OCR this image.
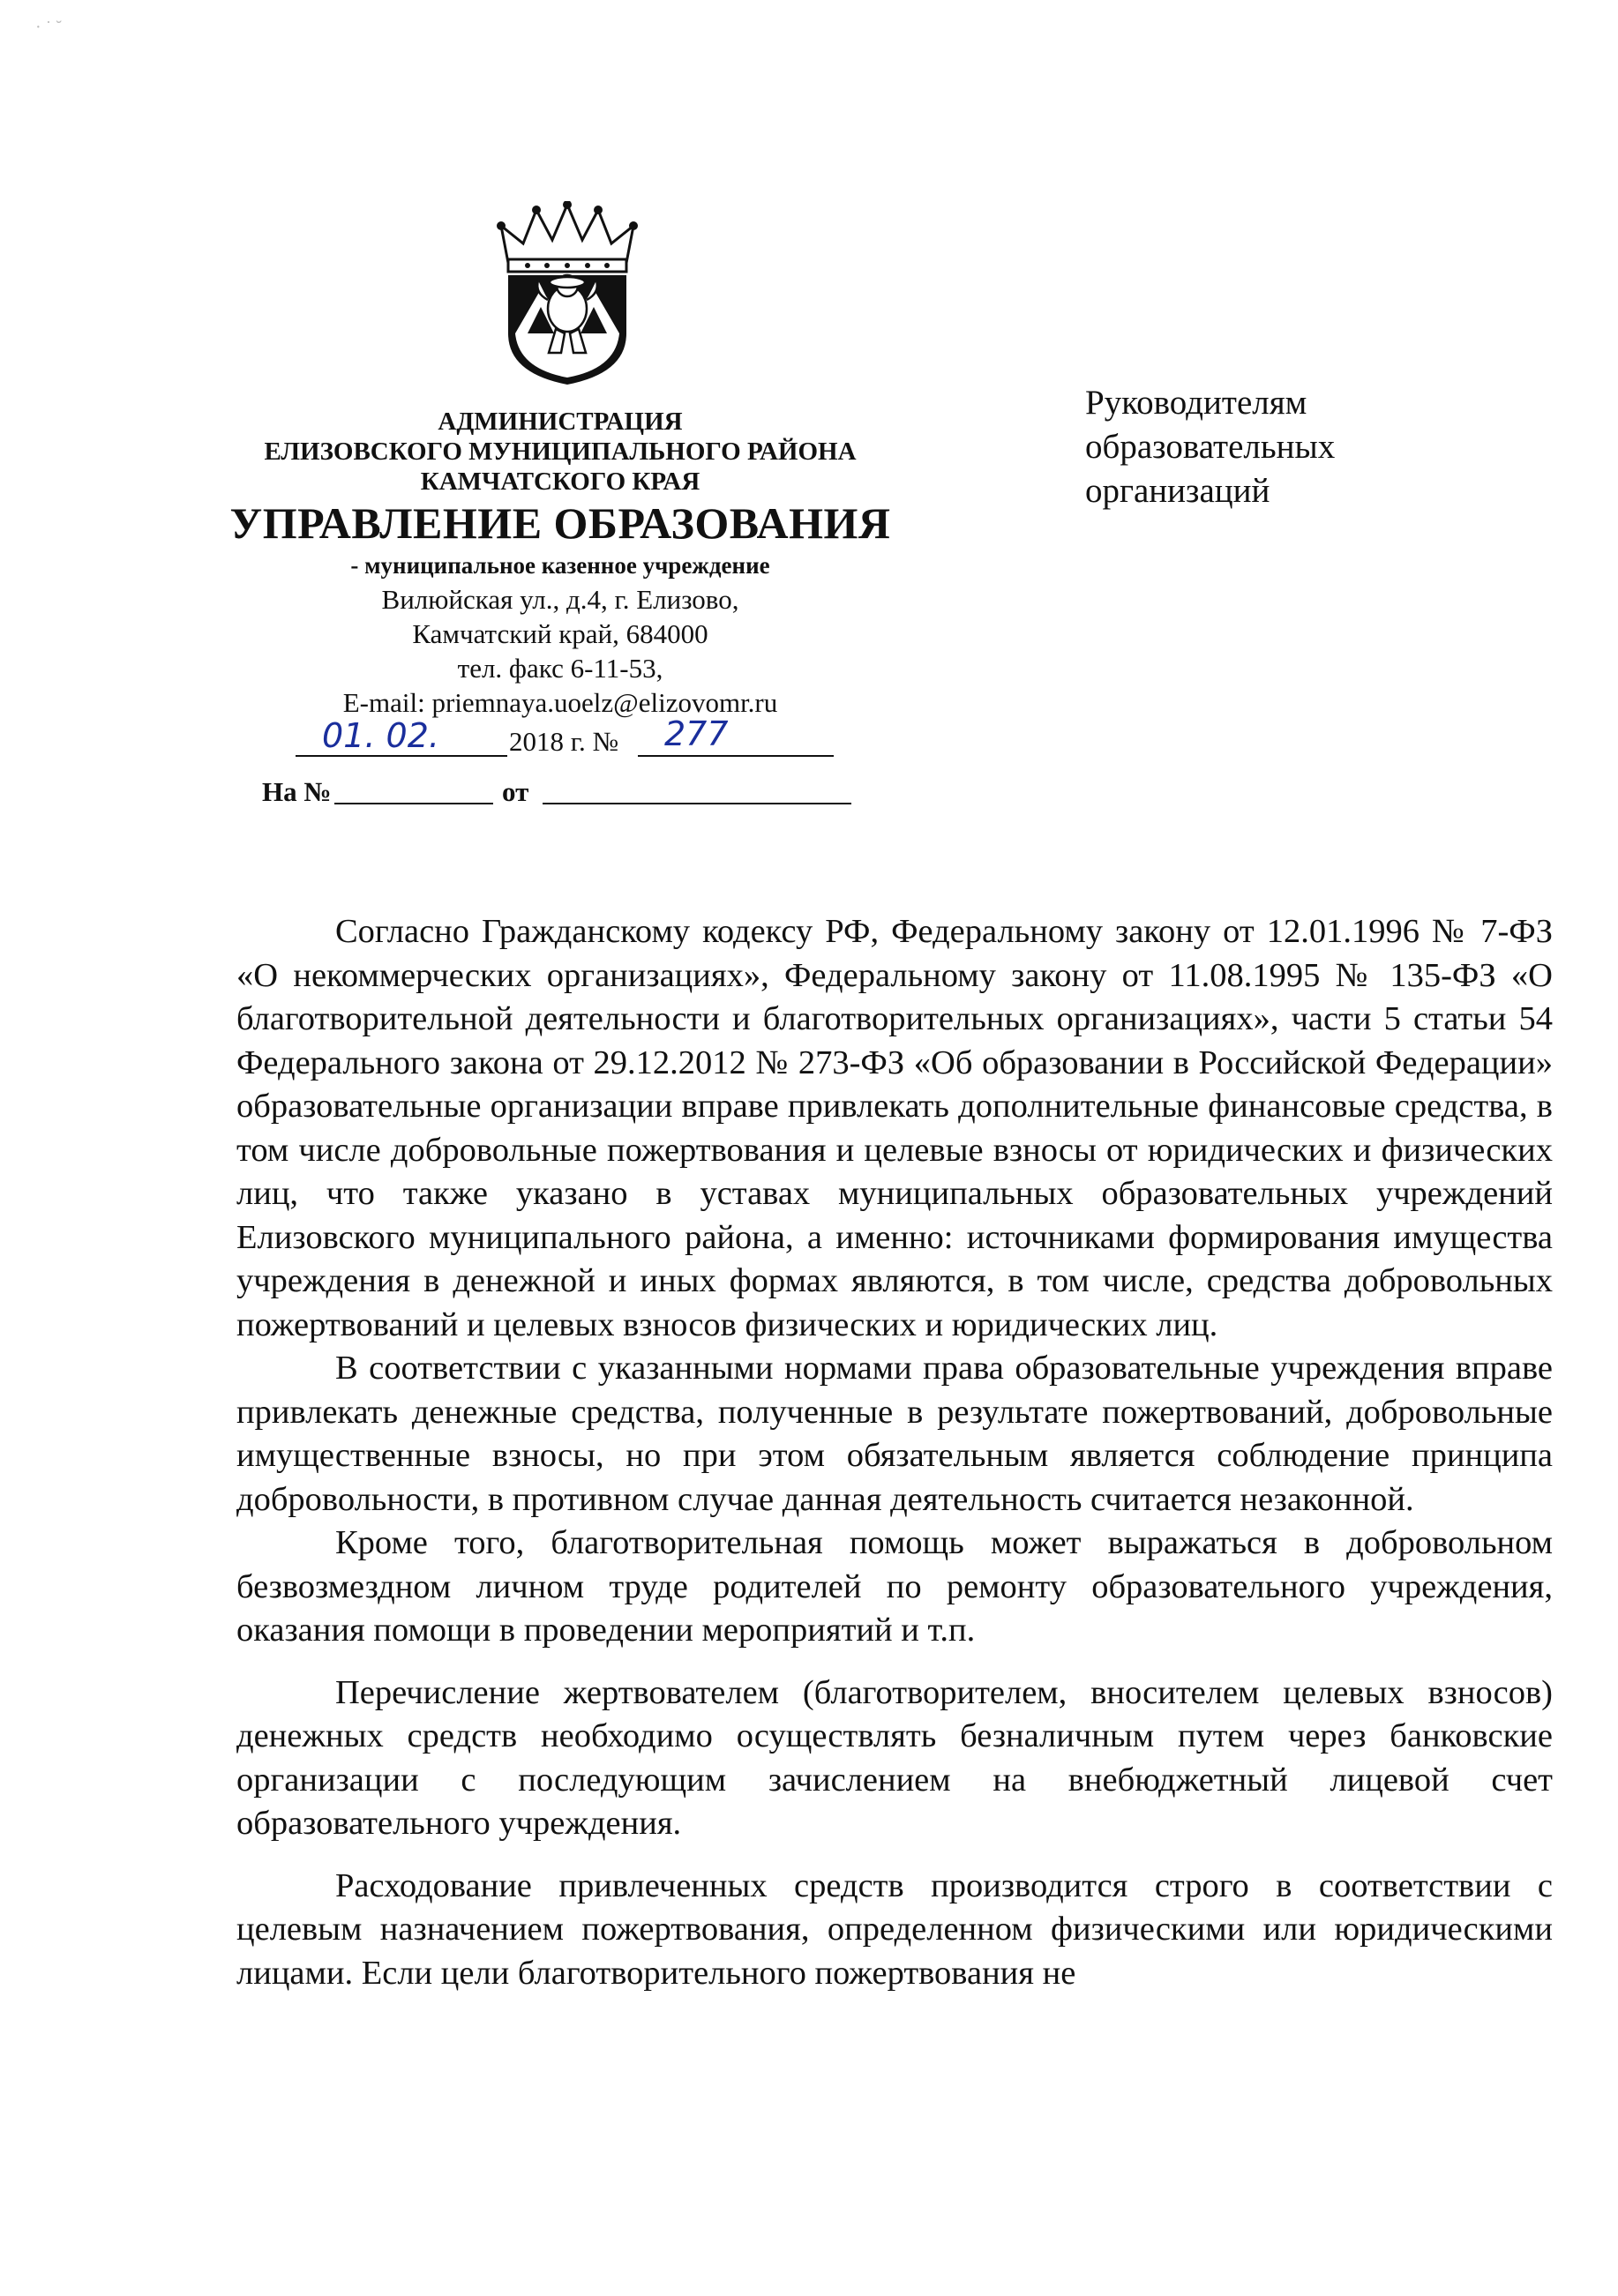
· ˙ ˘
АДМИНИСТРАЦИЯ
ЕЛИЗОВСКОГО МУНИЦИПАЛЬНОГО РАЙОНА
КАМЧАТСКОГО КРАЯ
УПРАВЛЕНИЕ ОБРАЗОВАНИЯ
- муниципальное казенное учреждение
Вилюйская ул., д.4, г. Елизово,
Камчатский край, 684000
тел. факс 6-11-53,
E-mail: priemnaya.uoelz@elizovomr.ru
01. 02.	2018 г. № 277
На №	от
Руководителям
образовательных
организаций

Согласно Гражданскому кодексу РФ, Федеральному закону от 12.01.1996 № 7-ФЗ «О некоммерческих организациях», Федеральному закону от 11.08.1995 № 135-ФЗ «О благотворительной деятельности и благотворительных организациях», части 5 статьи 54 Федерального закона от 29.12.2012 № 273-ФЗ «Об образовании в Российской Федерации» образовательные организации вправе привлекать дополнительные финансовые средства, в том числе добровольные пожертвования и целевые взносы от юридических и физических лиц, что также указано в уставах муниципальных образовательных учреждений Елизовского муниципального района, а именно: источниками формирования имущества учреждения в денежной и иных формах являются, в том числе, средства добровольных пожертвований и целевых взносов физических и юридических лиц.

В соответствии с указанными нормами права образовательные учреждения вправе привлекать денежные средства, полученные в результате пожертвований, добровольные имущественные взносы, но при этом обязательным является соблюдение принципа добровольности, в противном случае данная деятельность считается незаконной.

Кроме того, благотворительная помощь может выражаться в добровольном безвозмездном личном труде родителей по ремонту образовательного учреждения, оказания помощи в проведении мероприятий и т.п.

Перечисление жертвователем (благотворителем, вносителем целевых взносов) денежных средств необходимо осуществлять безналичным путем через банковские организации с последующим зачислением на внебюджетный лицевой счет образовательного учреждения.

Расходование привлеченных средств производится строго в соответствии с целевым назначением пожертвования, определенном физическими или юридическими лицами. Если цели благотворительного пожертвования не
